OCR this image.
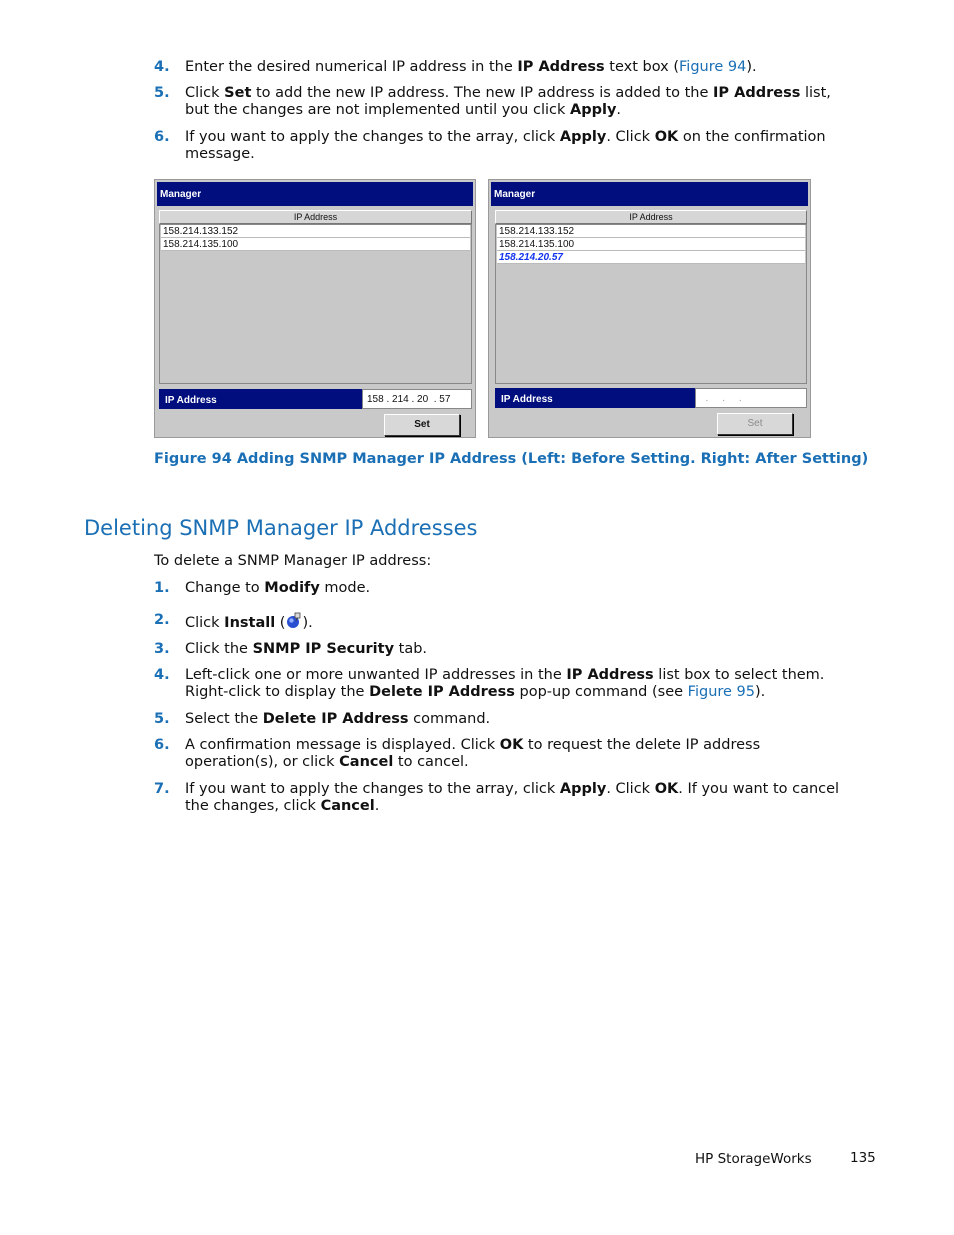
4. Enter the desired numerical IP address in the IP Address text box (Figure 94).
5. Click Set to add the new IP address. The new IP address is added to the IP Address list, but the changes are not implemented until you click Apply.
6. If you want to apply the changes to the array, click Apply. Click OK on the confirmation message.
Manager
IP Address
158.214.133.152
158.214.135.100
IP Address	158 . 214 . 20  . 57
Set
Manager
IP Address
158.214.133.152
158.214.135.100
158.214.20.57
IP Address	.     .     .
Set
Figure 94 Adding SNMP Manager IP Address (Left: Before Setting. Right: After Setting)
Deleting SNMP Manager IP Addresses
To delete a SNMP Manager IP address:
1. Change to Modify mode.
2. Click Install ( ).
3. Click the SNMP IP Security tab.
4. Left-click one or more unwanted IP addresses in the IP Address list box to select them. Right-click to display the Delete IP Address pop-up command (see Figure 95).
5. Select the Delete IP Address command.
6. A confirmation message is displayed. Click OK to request the delete IP address operation(s), or click Cancel to cancel.
7. If you want to apply the changes to the array, click Apply. Click OK. If you want to cancel the changes, click Cancel.
HP StorageWorks	135
